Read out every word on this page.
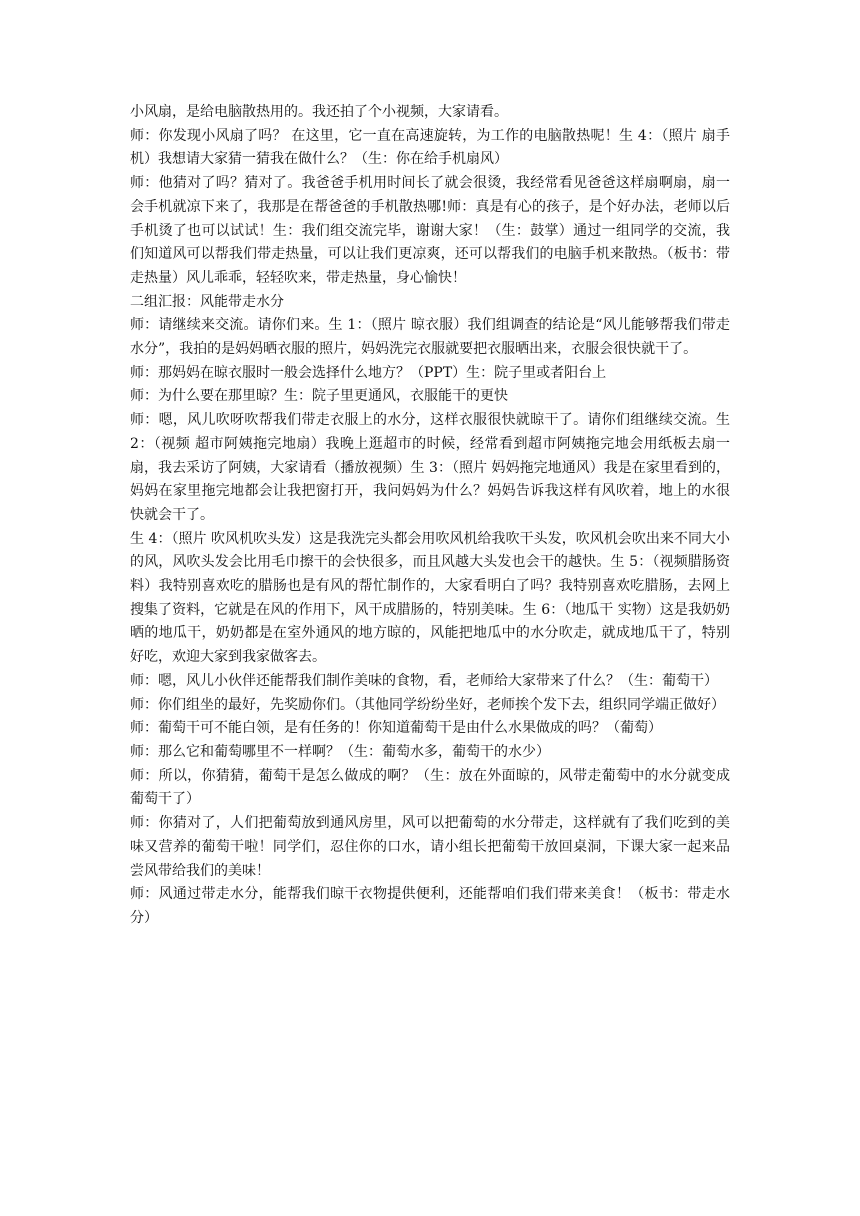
小风扇，是给电脑散热用的。我还拍了个小视频，大家请看。

师：你发现小风扇了吗？ 在这里，它一直在高速旋转，为工作的电脑散热呢！生 4：（照片 扇手机）我想请大家猜一猜我在做什么？（生：你在给手机扇风）

师：他猜对了吗？猜对了。我爸爸手机用时间长了就会很烫，我经常看见爸爸这样扇啊扇，扇一会手机就凉下来了，我那是在帮爸爸的手机散热哪!师：真是有心的孩子，是个好办法，老师以后手机烫了也可以试试！生：我们组交流完毕，谢谢大家！（生：鼓掌）通过一组同学的交流，我们知道风可以帮我们带走热量，可以让我们更凉爽，还可以帮我们的电脑手机来散热。（板书：带走热量）风儿乖乖，轻轻吹来，带走热量，身心愉快！

二组汇报：风能带走水分

师：请继续来交流。请你们来。生 1：（照片 晾衣服）我们组调查的结论是“风儿能够帮我们带走水分”，我拍的是妈妈晒衣服的照片，妈妈洗完衣服就要把衣服晒出来，衣服会很快就干了。

师：那妈妈在晾衣服时一般会选择什么地方？（PPT）生：院子里或者阳台上

师：为什么要在那里晾？生：院子里更通风，衣服能干的更快

师：嗯，风儿吹呀吹帮我们带走衣服上的水分，这样衣服很快就晾干了。请你们组继续交流。生 2：（视频 超市阿姨拖完地扇）我晚上逛超市的时候，经常看到超市阿姨拖完地会用纸板去扇一扇，我去采访了阿姨，大家请看（播放视频）生 3：（照片 妈妈拖完地通风）我是在家里看到的，妈妈在家里拖完地都会让我把窗打开，我问妈妈为什么？妈妈告诉我这样有风吹着，地上的水很快就会干了。

生 4：（照片 吹风机吹头发）这是我洗完头都会用吹风机给我吹干头发，吹风机会吹出来不同大小的风，风吹头发会比用毛巾擦干的会快很多，而且风越大头发也会干的越快。生 5：（视频腊肠资料）我特别喜欢吃的腊肠也是有风的帮忙制作的，大家看明白了吗？我特别喜欢吃腊肠，去网上搜集了资料，它就是在风的作用下，风干成腊肠的，特别美味。生 6：（地瓜干 实物）这是我奶奶晒的地瓜干，奶奶都是在室外通风的地方晾的，风能把地瓜中的水分吹走，就成地瓜干了，特别好吃，欢迎大家到我家做客去。

师：嗯，风儿小伙伴还能帮我们制作美味的食物，看，老师给大家带来了什么？（生：葡萄干）

师：你们组坐的最好，先奖励你们。（其他同学纷纷坐好，老师挨个发下去，组织同学端正做好）

师：葡萄干可不能白领，是有任务的！你知道葡萄干是由什么水果做成的吗？（葡萄）

师：那么它和葡萄哪里不一样啊？（生：葡萄水多，葡萄干的水少）

师：所以，你猜猜，葡萄干是怎么做成的啊？（生：放在外面晾的，风带走葡萄中的水分就变成葡萄干了）

师：你猜对了，人们把葡萄放到通风房里，风可以把葡萄的水分带走，这样就有了我们吃到的美味又营养的葡萄干啦！同学们，忍住你的口水，请小组长把葡萄干放回桌洞，下课大家一起来品尝风带给我们的美味！

师：风通过带走水分，能帮我们晾干衣物提供便利，还能帮咱们我们带来美食！（板书：带走水分）
